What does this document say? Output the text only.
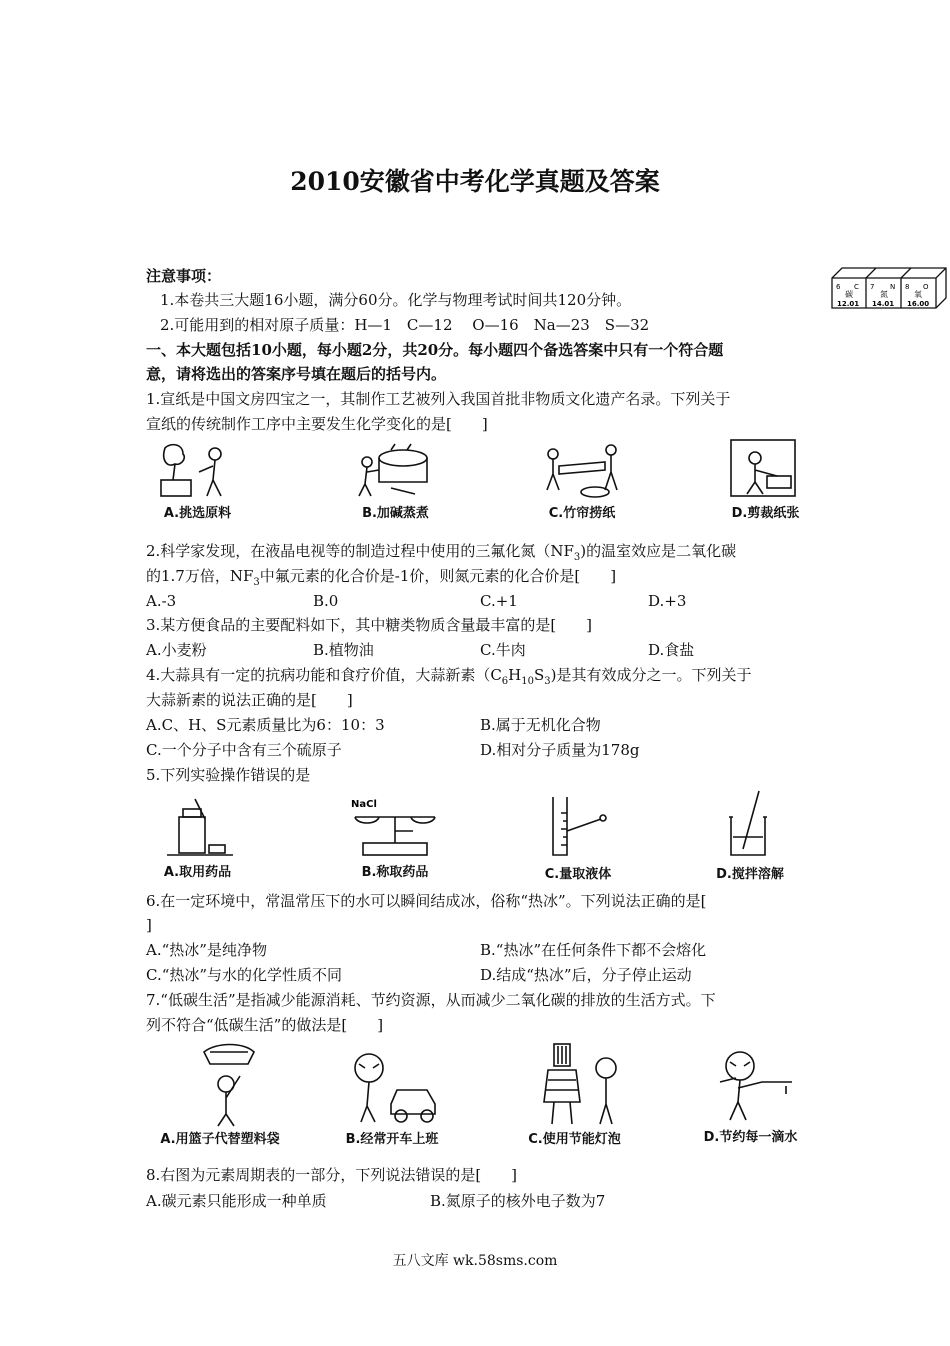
2010安徽省中考化学真题及答案
6 C
碳
12.01
7 N
氮
14.01
8 O
氧
16.00
注意事项：
1.本卷共三大题16小题，满分60分。化学与物理考试时间共120分钟。
2.可能用到的相对原子质量：H—1　C—12　 O—16　Na—23　S—32
一、本大题包括10小题，每小题2分，共20分。每小题四个备选答案中只有一个符合题
意，请将选出的答案序号填在题后的括号内。
1.宣纸是中国文房四宝之一，其制作工艺被列入我国首批非物质文化遗产名录。下列关于
宣纸的传统制作工序中主要发生化学变化的是[　　]
A.挑选原料	B.加碱蒸煮	C.竹帘捞纸	D.剪裁纸张
2.科学家发现，在液晶电视等的制造过程中使用的三氟化氮$(NF_3)$的温室效应是二氧化碳
的1.7万倍，$NF_3$中氟元素的化合价是-1价，则氮元素的化合价是[　　]
A.-3	B.0	C.+1	D.+3
3.某方便食品的主要配料如下，其中糖类物质含量最丰富的是[　　]
A.小麦粉	B.植物油	C.牛肉	D.食盐
4.大蒜具有一定的抗病功能和食疗价值，大蒜新素$(C_6H_{10}S_3)$是其有效成分之一。下列关于
大蒜新素的说法正确的是[　　]
A.C、H、S元素质量比为6：10：3	B.属于无机化合物
C.一个分子中含有三个硫原子	D.相对分子质量为178g
5.下列实验操作错误的是
A.取用药品
NaCl
B.称取药品	C.量取液体	D.搅拌溶解
6.在一定环境中，常温常压下的水可以瞬间结成冰，俗称“热冰”。下列说法正确的是[
]
A.“热冰”是纯净物	B.“热冰”在任何条件下都不会熔化
C.“热冰”与水的化学性质不同	D.结成“热冰”后，分子停止运动
7.“低碳生活”是指减少能源消耗、节约资源，从而减少二氧化碳的排放的生活方式。下
列不符合“低碳生活”的做法是[　　]
A.用篮子代替塑料袋	B.经常开车上班	C.使用节能灯泡	D.节约每一滴水
8.右图为元素周期表的一部分，下列说法错误的是[　　]
A.碳元素只能形成一种单质	B.氮原子的核外电子数为7
五八文库 wk.58sms.com
